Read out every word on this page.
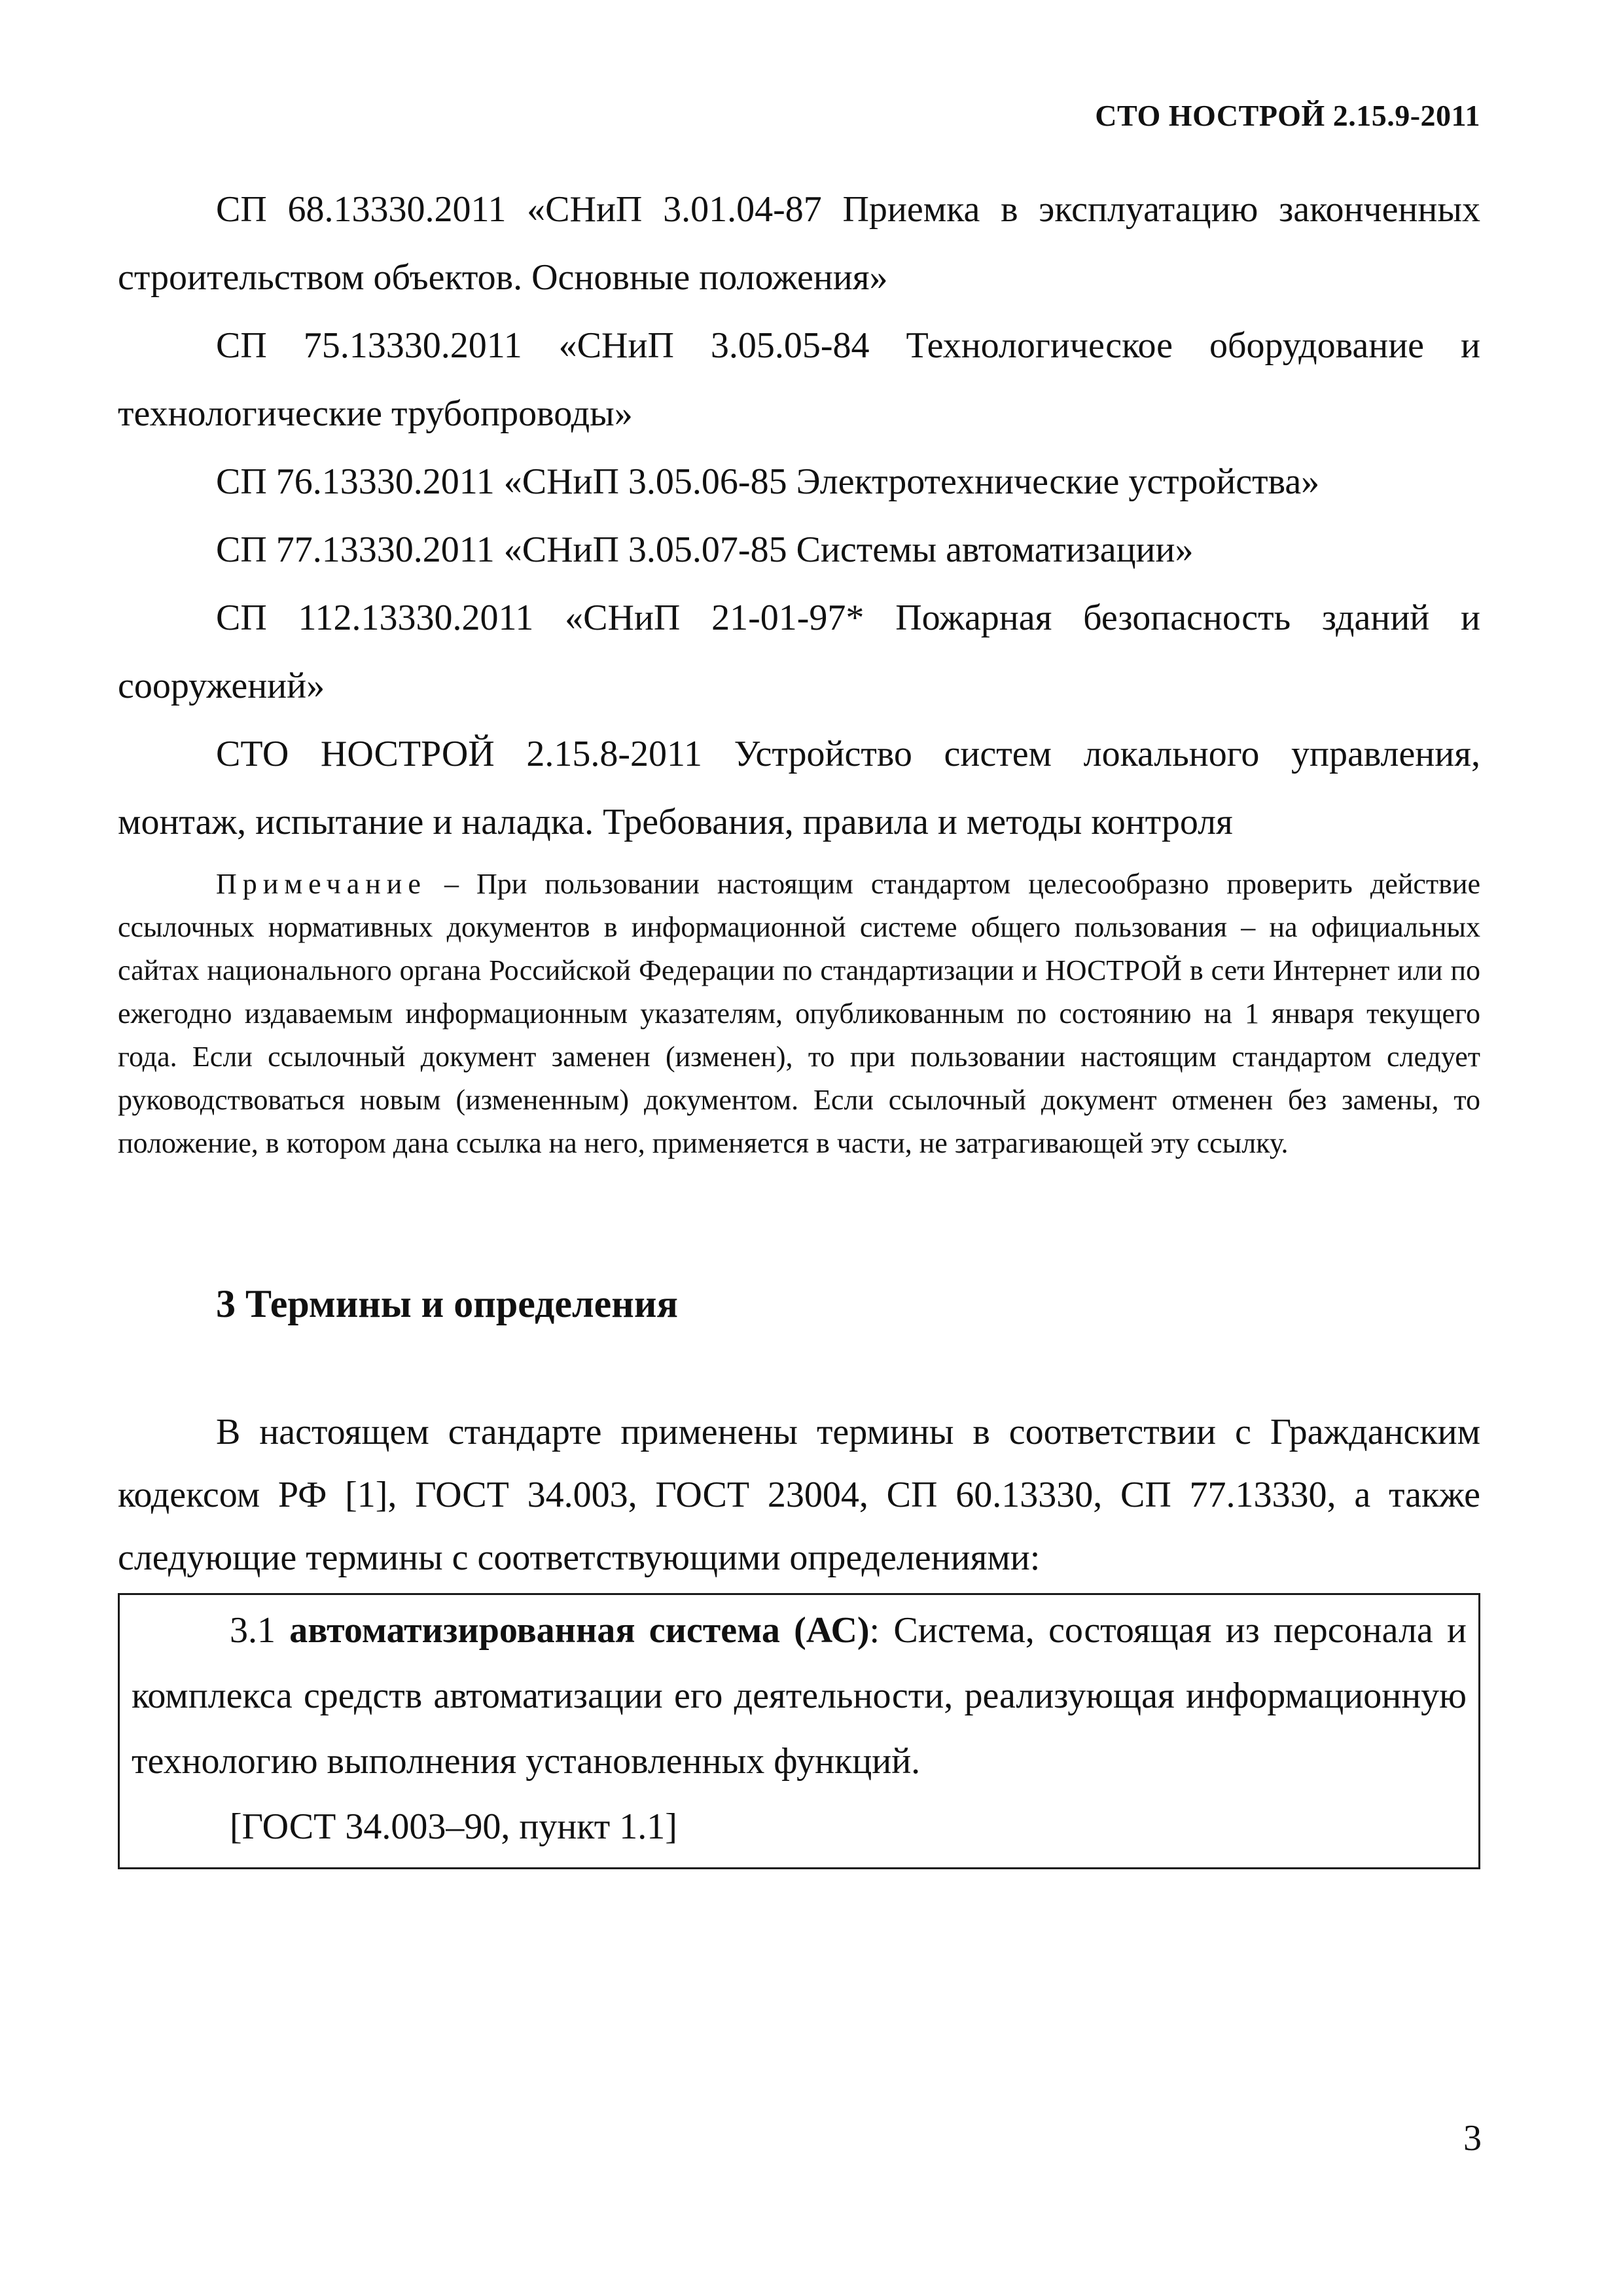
СТО НОСТРОЙ 2.15.9-2011

СП 68.13330.2011 «СНиП 3.01.04-87 Приемка в эксплуатацию законченных строительством объектов. Основные положения»

СП 75.13330.2011 «СНиП 3.05.05-84 Технологическое оборудование и технологические трубопроводы»

СП 76.13330.2011 «СНиП 3.05.06-85 Электротехнические устройства»

СП 77.13330.2011 «СНиП 3.05.07-85 Системы автоматизации»

СП 112.13330.2011 «СНиП 21-01-97* Пожарная безопасность зданий и сооружений»

СТО НОСТРОЙ 2.15.8-2011 Устройство систем локального управления, монтаж, испытание и наладка. Требования, правила и методы контроля

Примечание – При пользовании настоящим стандартом целесообразно проверить действие ссылочных нормативных документов в информационной системе общего пользования – на официальных сайтах национального органа Российской Федерации по стандартизации и НОСТРОЙ в сети Интернет или по ежегодно издаваемым информационным указателям, опубликованным по состоянию на 1 января текущего года. Если ссылочный документ заменен (изменен), то при пользовании настоящим стандартом следует руководствоваться новым (измененным) документом. Если ссылочный документ отменен без замены, то положение, в котором дана ссылка на него, применяется в части, не затрагивающей эту ссылку.

3 Термины и определения

В настоящем стандарте применены термины в соответствии с Гражданским кодексом РФ [1], ГОСТ 34.003, ГОСТ 23004, СП 60.13330, СП 77.13330, а также следующие термины с соответствующими определениями:

3.1 автоматизированная система (АС): Система, состоящая из персонала и комплекса средств автоматизации его деятельности, реализующая информационную технологию выполнения установленных функций.

[ГОСТ 34.003–90, пункт 1.1]

3
